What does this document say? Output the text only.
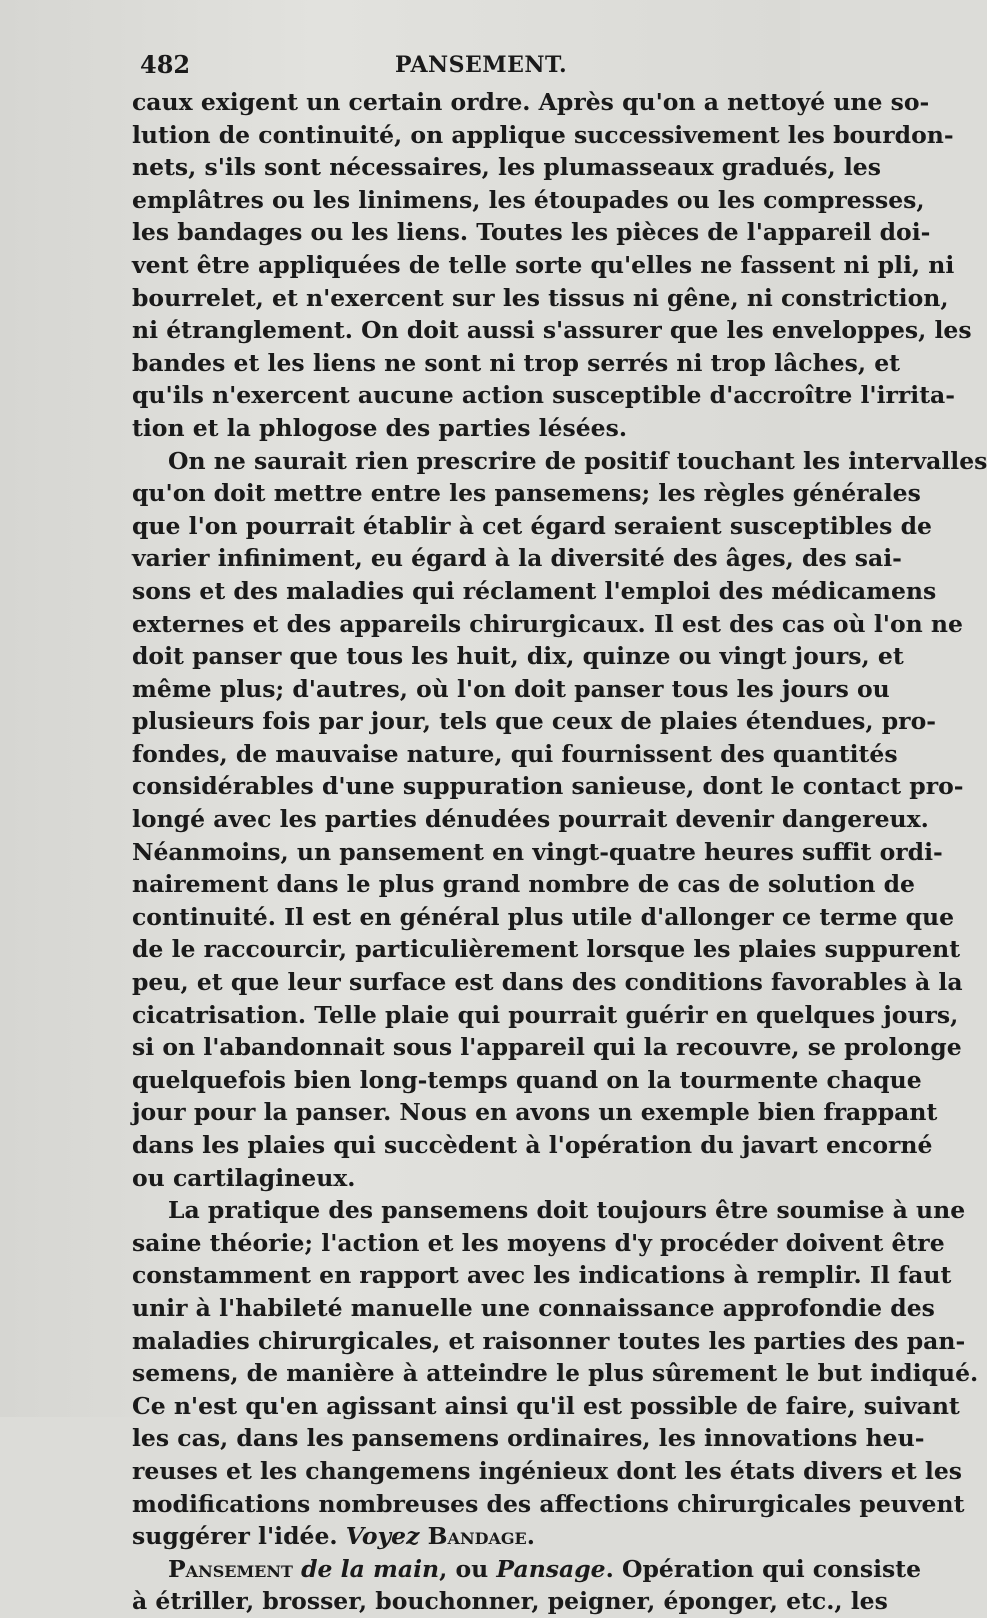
482	PANSEMENT.
caux exigent un certain ordre. Après qu'on a nettoyé une so-
lution de continuité, on applique successivement les bourdon-
nets, s'ils sont nécessaires, les plumasseaux gradués, les
emplâtres ou les linimens, les étoupades ou les compresses,
les bandages ou les liens. Toutes les pièces de l'appareil doi-
vent être appliquées de telle sorte qu'elles ne fassent ni pli, ni
bourrelet, et n'exercent sur les tissus ni gêne, ni constriction,
ni étranglement. On doit aussi s'assurer que les enveloppes, les
bandes et les liens ne sont ni trop serrés ni trop lâches, et
qu'ils n'exercent aucune action susceptible d'accroître l'irrita-
tion et la phlogose des parties lésées.
On ne saurait rien prescrire de positif touchant les intervalles
qu'on doit mettre entre les pansemens; les règles générales
que l'on pourrait établir à cet égard seraient susceptibles de
varier infiniment, eu égard à la diversité des âges, des sai-
sons et des maladies qui réclament l'emploi des médicamens
externes et des appareils chirurgicaux. Il est des cas où l'on ne
doit panser que tous les huit, dix, quinze ou vingt jours, et
même plus; d'autres, où l'on doit panser tous les jours ou
plusieurs fois par jour, tels que ceux de plaies étendues, pro-
fondes, de mauvaise nature, qui fournissent des quantités
considérables d'une suppuration sanieuse, dont le contact pro-
longé avec les parties dénudées pourrait devenir dangereux.
Néanmoins, un pansement en vingt-quatre heures suffit ordi-
nairement dans le plus grand nombre de cas de solution de
continuité. Il est en général plus utile d'allonger ce terme que
de le raccourcir, particulièrement lorsque les plaies suppurent
peu, et que leur surface est dans des conditions favorables à la
cicatrisation. Telle plaie qui pourrait guérir en quelques jours,
si on l'abandonnait sous l'appareil qui la recouvre, se prolonge
quelquefois bien long-temps quand on la tourmente chaque
jour pour la panser. Nous en avons un exemple bien frappant
dans les plaies qui succèdent à l'opération du javart encorné
ou cartilagineux.
La pratique des pansemens doit toujours être soumise à une
saine théorie; l'action et les moyens d'y procéder doivent être
constamment en rapport avec les indications à remplir. Il faut
unir à l'habileté manuelle une connaissance approfondie des
maladies chirurgicales, et raisonner toutes les parties des pan-
semens, de manière à atteindre le plus sûrement le but indiqué.
Ce n'est qu'en agissant ainsi qu'il est possible de faire, suivant
les cas, dans les pansemens ordinaires, les innovations heu-
reuses et les changemens ingénieux dont les états divers et les
modifications nombreuses des affections chirurgicales peuvent
suggérer l'idée. Voyez Bandage.
Pansement de la main, ou Pansage. Opération qui consiste
à étriller, brosser, bouchonner, peigner, éponger, etc., les
